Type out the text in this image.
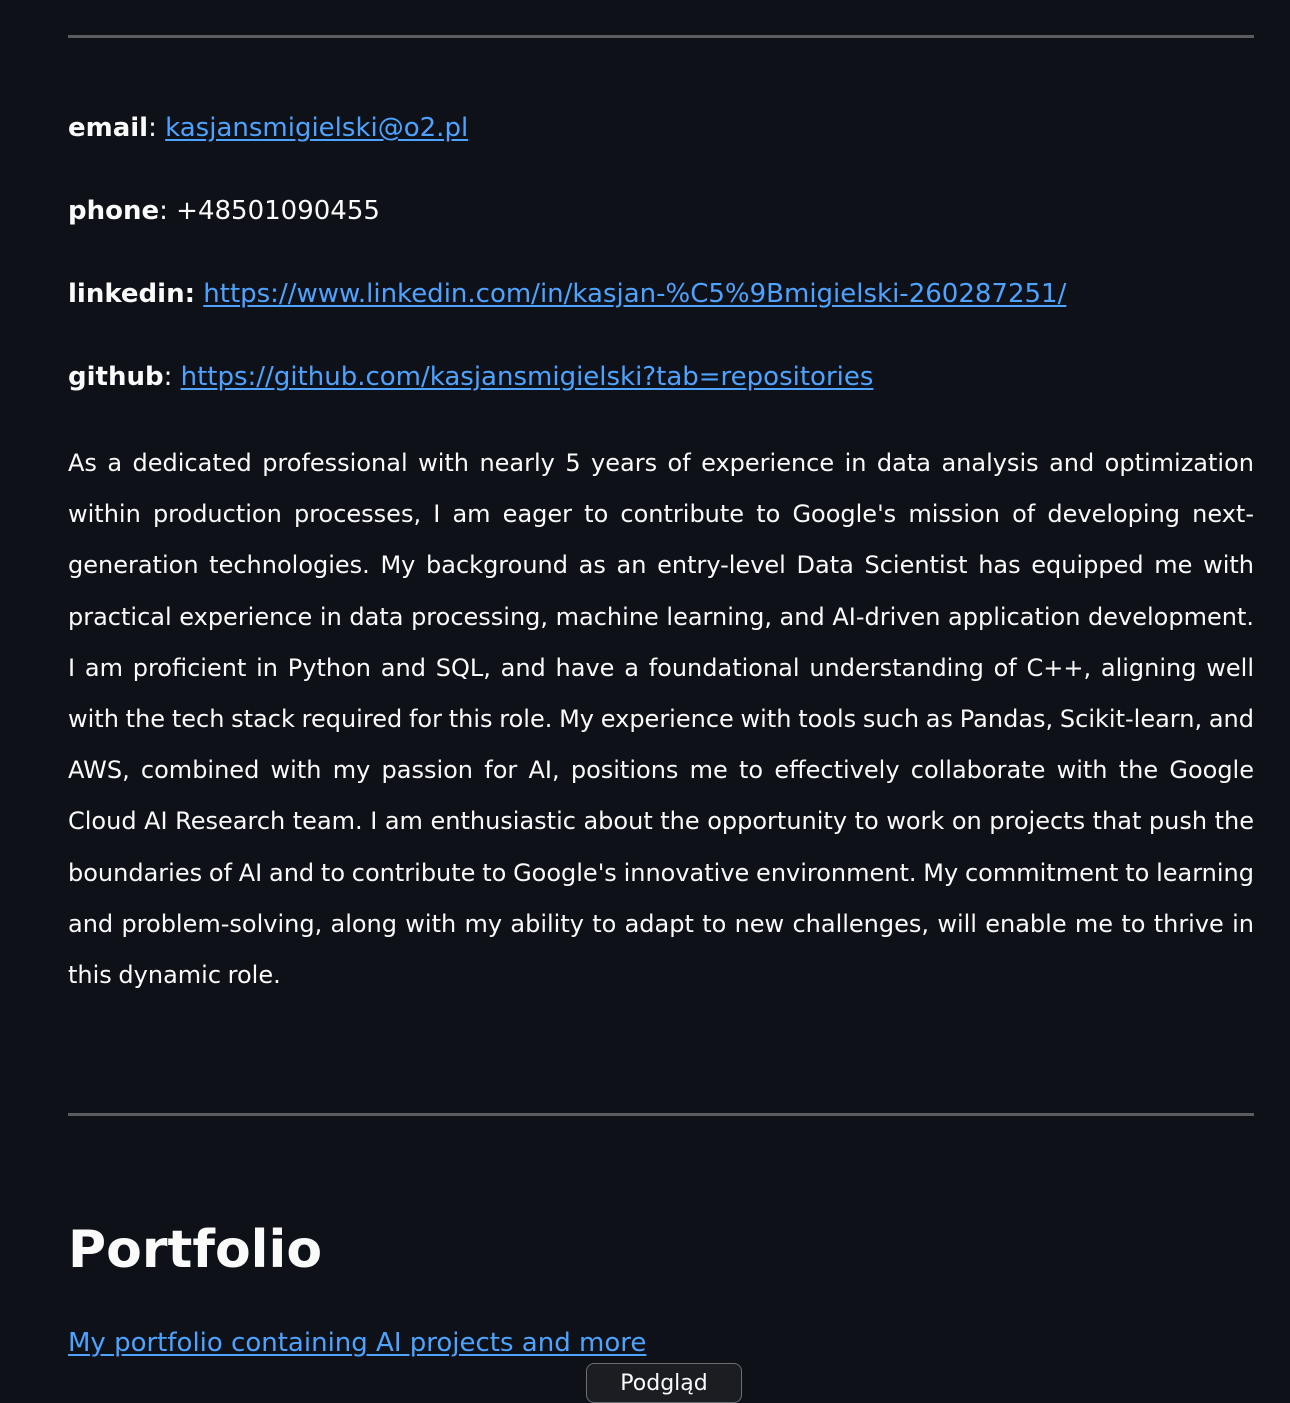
email: kasjansmigielski@o2.pl
phone: +48501090455
linkedin: https://www.linkedin.com/in/kasjan-%C5%9Bmigielski-260287251/
github: https://github.com/kasjansmigielski?tab=repositories

As a dedicated professional with nearly 5 years of experience in data analysis and optimization within production processes, I am eager to contribute to Google's mission of developing next-generation technologies. My background as an entry-level Data Scientist has equipped me with practical experience in data processing, machine learning, and AI-driven application development. I am proficient in Python and SQL, and have a foundational understanding of C++, aligning well with the tech stack required for this role. My experience with tools such as Pandas, Scikit-learn, and AWS, combined with my passion for AI, positions me to effectively collaborate with the Google Cloud AI Research team. I am enthusiastic about the opportunity to work on projects that push the boundaries of AI and to contribute to Google's innovative environment. My commitment to learning and problem-solving, along with my ability to adapt to new challenges, will enable me to thrive in this dynamic role.

Portfolio
My portfolio containing AI projects and more
Podgląd
